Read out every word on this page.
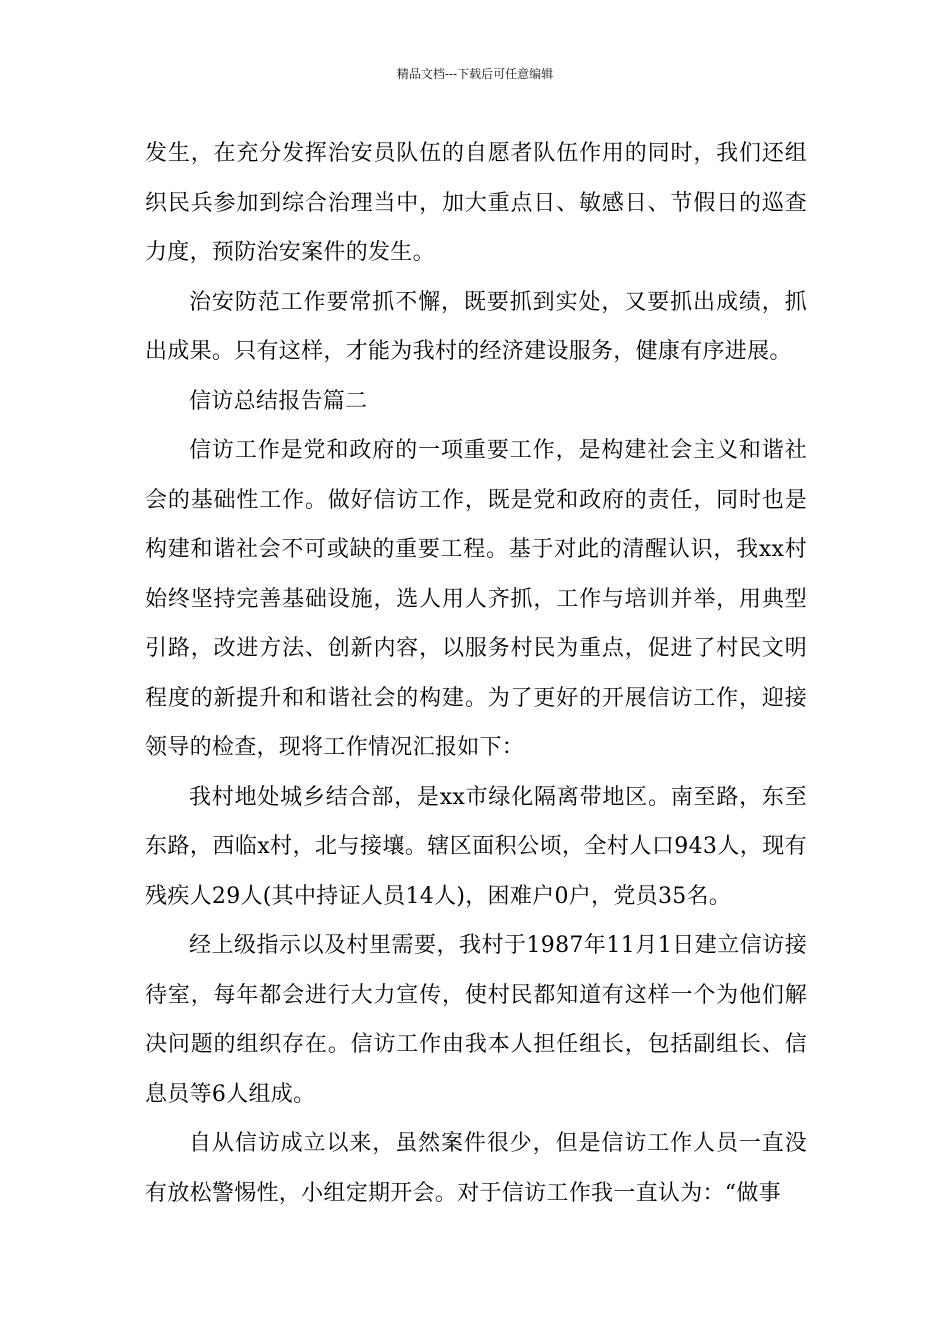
精品文档---下载后可任意编辑

发生，在充分发挥治安员队伍的自愿者队伍作用的同时，我们还组织民兵参加到综合治理当中，加大重点日、敏感日、节假日的巡查力度，预防治安案件的发生。

治安防范工作要常抓不懈，既要抓到实处，又要抓出成绩，抓出成果。只有这样，才能为我村的经济建设服务，健康有序进展。

信访总结报告篇二

信访工作是党和政府的一项重要工作，是构建社会主义和谐社会的基础性工作。做好信访工作，既是党和政府的责任，同时也是构建和谐社会不可或缺的重要工程。基于对此的清醒认识，我xx村始终坚持完善基础设施，选人用人齐抓，工作与培训并举，用典型引路，改进方法、创新内容，以服务村民为重点，促进了村民文明程度的新提升和和谐社会的构建。为了更好的开展信访工作，迎接领导的检查，现将工作情况汇报如下：

我村地处城乡结合部，是xx市绿化隔离带地区。南至路，东至东路，西临x村，北与接壤。辖区面积公顷，全村人口943人，现有残疾人29人(其中持证人员14人)，困难户0户，党员35名。

经上级指示以及村里需要，我村于1987年11月1日建立信访接待室，每年都会进行大力宣传，使村民都知道有这样一个为他们解决问题的组织存在。信访工作由我本人担任组长，包括副组长、信息员等6人组成。

自从信访成立以来，虽然案件很少，但是信访工作人员一直没有放松警惕性，小组定期开会。对于信访工作我一直认为：“做事
